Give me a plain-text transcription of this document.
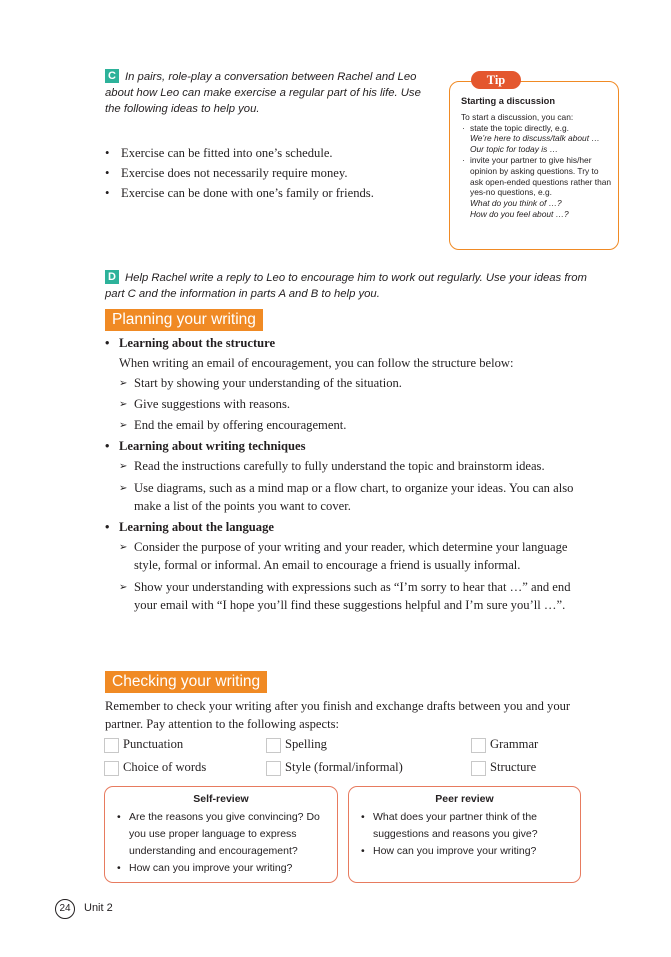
C In pairs, role-play a conversation between Rachel and Leo about how Leo can make exercise a regular part of his life. Use the following ideas to help you.
• Exercise can be fitted into one’s schedule.
• Exercise does not necessarily require money.
• Exercise can be done with one’s family or friends.
Tip
Starting a discussion
To start a discussion, you can:
· state the topic directly, e.g.
We’re here to discuss/talk about …
Our topic for today is …
· invite your partner to give his/her opinion by asking questions. Try to ask open-ended questions rather than yes-no questions, e.g.
What do you think of …?
How do you feel about …?
D Help Rachel write a reply to Leo to encourage him to work out regularly. Use your ideas from part C and the information in parts A and B to help you.
Planning your writing
• Learning about the structure
When writing an email of encouragement, you can follow the structure below:
➢ Start by showing your understanding of the situation.
➢ Give suggestions with reasons.
➢ End the email by offering encouragement.
• Learning about writing techniques
➢ Read the instructions carefully to fully understand the topic and brainstorm ideas.
➢ Use diagrams, such as a mind map or a flow chart, to organize your ideas. You can also make a list of the points you want to cover.
• Learning about the language
➢ Consider the purpose of your writing and your reader, which determine your language style, formal or informal. An email to encourage a friend is usually informal.
➢ Show your understanding with expressions such as “I’m sorry to hear that …” and end your email with “I hope you’ll find these suggestions helpful and I’m sure you’ll …”.
Checking your writing
Remember to check your writing after you finish and exchange drafts between you and your partner. Pay attention to the following aspects:
Punctuation	Spelling	Grammar
Choice of words	Style (formal/informal)	Structure
Self-review
• Are the reasons you give convincing? Do you use proper language to express understanding and encouragement?
• How can you improve your writing?
Peer review
• What does your partner think of the suggestions and reasons you give?
• How can you improve your writing?
24	Unit 2
